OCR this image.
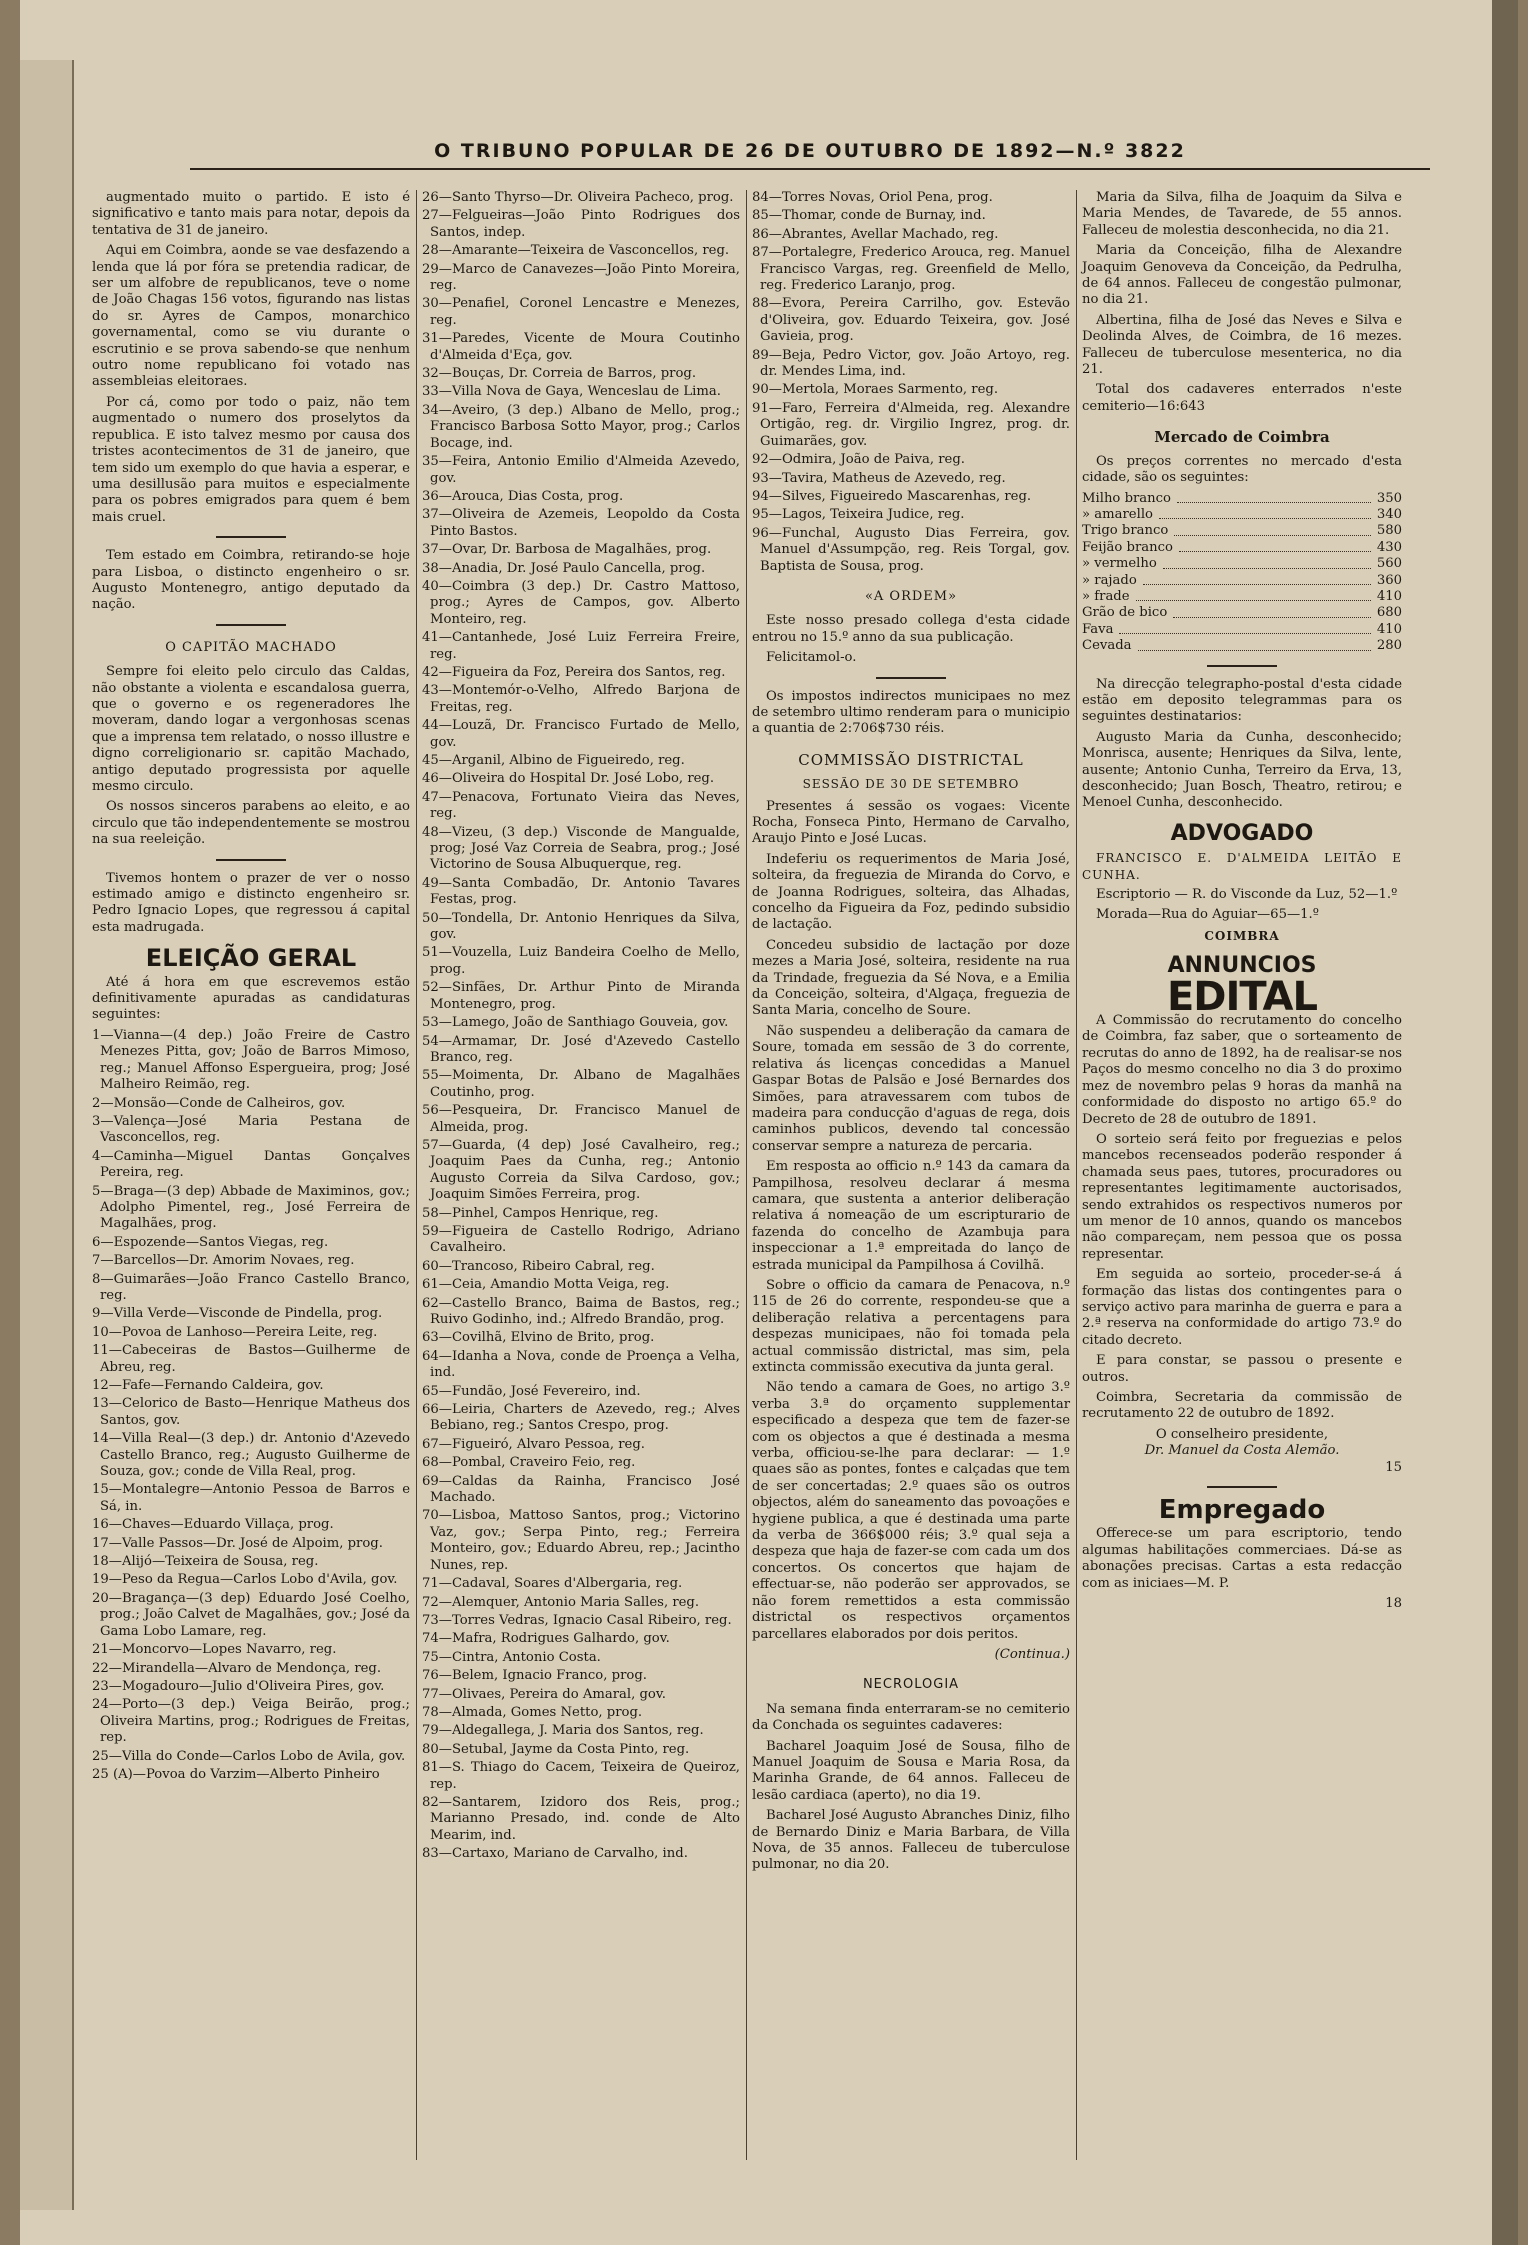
O TRIBUNO POPULAR DE 26 DE OUTUBRO DE 1892—N.º 3822

augmentado muito o partido. E isto é significativo e tanto mais para notar, depois da tentativa de 31 de janeiro.

Aqui em Coimbra, aonde se vae desfazendo a lenda que lá por fóra se pretendia radicar, de ser um alfobre de republicanos, teve o nome de João Chagas 156 votos, figurando nas listas do sr. Ayres de Campos, monarchico governamental, como se viu durante o escrutinio e se prova sabendo-se que nenhum outro nome republicano foi votado nas assembleias eleitoraes.

Por cá, como por todo o paiz, não tem augmentado o numero dos proselytos da republica. E isto talvez mesmo por causa dos tristes acontecimentos de 31 de janeiro, que tem sido um exemplo do que havia a esperar, e uma desillusão para muitos e especialmente para os pobres emigrados para quem é bem mais cruel.

Tem estado em Coimbra, retirando-se hoje para Lisboa, o distincto engenheiro o sr. Augusto Montenegro, antigo deputado da nação.

O CAPITÃO MACHADO

Sempre foi eleito pelo circulo das Caldas, não obstante a violenta e escandalosa guerra, que o governo e os regeneradores lhe moveram, dando logar a vergonhosas scenas que a imprensa tem relatado, o nosso illustre e digno correligionario sr. capitão Machado, antigo deputado progressista por aquelle mesmo circulo.

Os nossos sinceros parabens ao eleito, e ao circulo que tão independentemente se mostrou na sua reeleição.

Tivemos hontem o prazer de ver o nosso estimado amigo e distincto engenheiro sr. Pedro Ignacio Lopes, que regressou á capital esta madrugada.

ELEIÇÃO GERAL

Até á hora em que escrevemos estão definitivamente apuradas as candidaturas seguintes:

1—Vianna—(4 dep.) João Freire de Castro Menezes Pitta, gov; João de Barros Mimoso, reg.; Manuel Affonso Espergueira, prog; José Malheiro Reimão, reg.
2—Monsão—Conde de Calheiros, gov.
3—Valença—José Maria Pestana de Vasconcellos, reg.
4—Caminha—Miguel Dantas Gonçalves Pereira, reg.
5—Braga—(3 dep) Abbade de Maximinos, gov.; Adolpho Pimentel, reg., José Ferreira de Magalhães, prog.
6—Espozende—Santos Viegas, reg.
7—Barcellos—Dr. Amorim Novaes, reg.
8—Guimarães—João Franco Castello Branco, reg.
9—Villa Verde—Visconde de Pindella, prog.
10—Povoa de Lanhoso—Pereira Leite, reg.
11—Cabeceiras de Bastos—Guilherme de Abreu, reg.
12—Fafe—Fernando Caldeira, gov.
13—Celorico de Basto—Henrique Matheus dos Santos, gov.
14—Villa Real—(3 dep.) dr. Antonio d'Azevedo Castello Branco, reg.; Augusto Guilherme de Souza, gov.; conde de Villa Real, prog.
15—Montalegre—Antonio Pessoa de Barros e Sá, in.
16—Chaves—Eduardo Villaça, prog.
17—Valle Passos—Dr. José de Alpoim, prog.
18—Alijó—Teixeira de Sousa, reg.
19—Peso da Regua—Carlos Lobo d'Avila, gov.
20—Bragança—(3 dep) Eduardo José Coelho, prog.; João Calvet de Magalhães, gov.; José da Gama Lobo Lamare, reg.
21—Moncorvo—Lopes Navarro, reg.
22—Mirandella—Alvaro de Mendonça, reg.
23—Mogadouro—Julio d'Oliveira Pires, gov.
24—Porto—(3 dep.) Veiga Beirão, prog.; Oliveira Martins, prog.; Rodrigues de Freitas, rep.
25—Villa do Conde—Carlos Lobo de Avila, gov.
25 (A)—Povoa do Varzim—Alberto Pinheiro
26—Santo Thyrso—Dr. Oliveira Pacheco, prog.
27—Felgueiras—João Pinto Rodrigues dos Santos, indep.
28—Amarante—Teixeira de Vasconcellos, reg.
29—Marco de Canavezes—João Pinto Moreira, reg.
30—Penafiel, Coronel Lencastre e Menezes, reg.
31—Paredes, Vicente de Moura Coutinho d'Almeida d'Eça, gov.
32—Bouças, Dr. Correia de Barros, prog.
33—Villa Nova de Gaya, Wenceslau de Lima.
34—Aveiro, (3 dep.) Albano de Mello, prog.; Francisco Barbosa Sotto Mayor, prog.; Carlos Bocage, ind.
35—Feira, Antonio Emilio d'Almeida Azevedo, gov.
36—Arouca, Dias Costa, prog.
37—Oliveira de Azemeis, Leopoldo da Costa Pinto Bastos.
37—Ovar, Dr. Barbosa de Magalhães, prog.
38—Anadia, Dr. José Paulo Cancella, prog.
40—Coimbra (3 dep.) Dr. Castro Mattoso, prog.; Ayres de Campos, gov. Alberto Monteiro, reg.
41—Cantanhede, José Luiz Ferreira Freire, reg.
42—Figueira da Foz, Pereira dos Santos, reg.
43—Montemór-o-Velho, Alfredo Barjona de Freitas, reg.
44—Louzã, Dr. Francisco Furtado de Mello, gov.
45—Arganil, Albino de Figueiredo, reg.
46—Oliveira do Hospital Dr. José Lobo, reg.
47—Penacova, Fortunato Vieira das Neves, reg.
48—Vizeu, (3 dep.) Visconde de Mangualde, prog; José Vaz Correia de Seabra, prog.; José Victorino de Sousa Albuquerque, reg.
49—Santa Combadão, Dr. Antonio Tavares Festas, prog.
50—Tondella, Dr. Antonio Henriques da Silva, gov.
51—Vouzella, Luiz Bandeira Coelho de Mello, prog.
52—Sinfães, Dr. Arthur Pinto de Miranda Montenegro, prog.
53—Lamego, João de Santhiago Gouveia, gov.
54—Armamar, Dr. José d'Azevedo Castello Branco, reg.
55—Moimenta, Dr. Albano de Magalhães Coutinho, prog.
56—Pesqueira, Dr. Francisco Manuel de Almeida, prog.
57—Guarda, (4 dep) José Cavalheiro, reg.; Joaquim Paes da Cunha, reg.; Antonio Augusto Correia da Silva Cardoso, gov.; Joaquim Simões Ferreira, prog.
58—Pinhel, Campos Henrique, reg.
59—Figueira de Castello Rodrigo, Adriano Cavalheiro.
60—Trancoso, Ribeiro Cabral, reg.
61—Ceia, Amandio Motta Veiga, reg.
62—Castello Branco, Baima de Bastos, reg.; Ruivo Godinho, ind.; Alfredo Brandão, prog.
63—Covilhã, Elvino de Brito, prog.
64—Idanha a Nova, conde de Proença a Velha, ind.
65—Fundão, José Fevereiro, ind.
66—Leiria, Charters de Azevedo, reg.; Alves Bebiano, reg.; Santos Crespo, prog.
67—Figueiró, Alvaro Pessoa, reg.
68—Pombal, Craveiro Feio, reg.
69—Caldas da Rainha, Francisco José Machado.
70—Lisboa, Mattoso Santos, prog.; Victorino Vaz, gov.; Serpa Pinto, reg.; Ferreira Monteiro, gov.; Eduardo Abreu, rep.; Jacintho Nunes, rep.
71—Cadaval, Soares d'Albergaria, reg.
72—Alemquer, Antonio Maria Salles, reg.
73—Torres Vedras, Ignacio Casal Ribeiro, reg.
74—Mafra, Rodrigues Galhardo, gov.
75—Cintra, Antonio Costa.
76—Belem, Ignacio Franco, prog.
77—Olivaes, Pereira do Amaral, gov.
78—Almada, Gomes Netto, prog.
79—Aldegallega, J. Maria dos Santos, reg.
80—Setubal, Jayme da Costa Pinto, reg.
81—S. Thiago do Cacem, Teixeira de Queiroz, rep.
82—Santarem, Izidoro dos Reis, prog.; Marianno Presado, ind. conde de Alto Mearim, ind.
83—Cartaxo, Mariano de Carvalho, ind.
84—Torres Novas, Oriol Pena, prog.
85—Thomar, conde de Burnay, ind.
86—Abrantes, Avellar Machado, reg.
87—Portalegre, Frederico Arouca, reg. Manuel Francisco Vargas, reg. Greenfield de Mello, reg. Frederico Laranjo, prog.
88—Evora, Pereira Carrilho, gov. Estevão d'Oliveira, gov. Eduardo Teixeira, gov. José Gavieia, prog.
89—Beja, Pedro Victor, gov. João Artoyo, reg. dr. Mendes Lima, ind.
90—Mertola, Moraes Sarmento, reg.
91—Faro, Ferreira d'Almeida, reg. Alexandre Ortigão, reg. dr. Virgilio Ingrez, prog. dr. Guimarães, gov.
92—Odmira, João de Paiva, reg.
93—Tavira, Matheus de Azevedo, reg.
94—Silves, Figueiredo Mascarenhas, reg.
95—Lagos, Teixeira Judice, reg.
96—Funchal, Augusto Dias Ferreira, gov. Manuel d'Assumpção, reg. Reis Torgal, gov. Baptista de Sousa, prog.
«A ORDEM»

Este nosso presado collega d'esta cidade entrou no 15.º anno da sua publicação.

Felicitamol-o.

Os impostos indirectos municipaes no mez de setembro ultimo renderam para o municipio a quantia de 2:706$730 réis.

COMMISSÃO DISTRICTAL
SESSÃO DE 30 DE SETEMBRO

Presentes á sessão os vogaes: Vicente Rocha, Fonseca Pinto, Hermano de Carvalho, Araujo Pinto e José Lucas.

Indeferiu os requerimentos de Maria José, solteira, da freguezia de Miranda do Corvo, e de Joanna Rodrigues, solteira, das Alhadas, concelho da Figueira da Foz, pedindo subsidio de lactação.

Concedeu subsidio de lactação por doze mezes a Maria José, solteira, residente na rua da Trindade, freguezia da Sé Nova, e a Emilia da Conceição, solteira, d'Algaça, freguezia de Santa Maria, concelho de Soure.

Não suspendeu a deliberação da camara de Soure, tomada em sessão de 3 do corrente, relativa ás licenças concedidas a Manuel Gaspar Botas de Palsão e José Bernardes dos Simões, para atravessarem com tubos de madeira para conducção d'aguas de rega, dois caminhos publicos, devendo tal concessão conservar sempre a natureza de percaria.

Em resposta ao officio n.º 143 da camara da Pampilhosa, resolveu declarar á mesma camara, que sustenta a anterior deliberação relativa á nomeação de um escripturario de fazenda do concelho de Azambuja para inspeccionar a 1.ª empreitada do lanço de estrada municipal da Pampilhosa á Covilhã.

Sobre o officio da camara de Penacova, n.º 115 de 26 do corrente, respondeu-se que a deliberação relativa a percentagens para despezas municipaes, não foi tomada pela actual commissão districtal, mas sim, pela extincta commissão executiva da junta geral.

Não tendo a camara de Goes, no artigo 3.º verba 3.ª do orçamento supplementar especificado a despeza que tem de fazer-se com os objectos a que é destinada a mesma verba, officiou-se-lhe para declarar: — 1.º quaes são as pontes, fontes e calçadas que tem de ser concertadas; 2.º quaes são os outros objectos, além do saneamento das povoações e hygiene publica, a que é destinada uma parte da verba de 366$000 réis; 3.º qual seja a despeza que haja de fazer-se com cada um dos concertos. Os concertos que hajam de effectuar-se, não poderão ser approvados, se não forem remettidos a esta commissão districtal os respectivos orçamentos parcellares elaborados por dois peritos.

(Continua.)
NECROLOGIA

Na semana finda enterraram-se no cemiterio da Conchada os seguintes cadaveres:

Bacharel Joaquim José de Sousa, filho de Manuel Joaquim de Sousa e Maria Rosa, da Marinha Grande, de 64 annos. Falleceu de lesão cardiaca (aperto), no dia 19.

Bacharel José Augusto Abranches Diniz, filho de Bernardo Diniz e Maria Barbara, de Villa Nova, de 35 annos. Falleceu de tuberculose pulmonar, no dia 20.

Maria da Silva, filha de Joaquim da Silva e Maria Mendes, de Tavarede, de 55 annos. Falleceu de molestia desconhecida, no dia 21.

Maria da Conceição, filha de Alexandre Joaquim Genoveva da Conceição, da Pedrulha, de 64 annos. Falleceu de congestão pulmonar, no dia 21.

Albertina, filha de José das Neves e Silva e Deolinda Alves, de Coimbra, de 16 mezes. Falleceu de tuberculose mesenterica, no dia 21.

Total dos cadaveres enterrados n'este cemiterio—16:643

Mercado de Coimbra

Os preços correntes no mercado d'esta cidade, são os seguintes:

Milho branco	350
» amarello	340
Trigo branco	580
Feijão branco	430
» vermelho	560
» rajado	360
» frade	410
Grão de bico	680
Fava	410
Cevada	280

Na direcção telegrapho-postal d'esta cidade estão em deposito telegrammas para os seguintes destinatarios:

Augusto Maria da Cunha, desconhecido; Monrisca, ausente; Henriques da Silva, lente, ausente; Antonio Cunha, Terreiro da Erva, 13, desconhecido; Juan Bosch, Theatro, retirou; e Menoel Cunha, desconhecido.

ADVOGADO

FRANCISCO E. D'ALMEIDA LEITÃO E CUNHA.

Escriptorio — R. do Visconde da Luz, 52—1.º

Morada—Rua do Aguiar—65—1.º

COIMBRA
ANNUNCIOS
EDITAL

A Commissão do recrutamento do concelho de Coimbra, faz saber, que o sorteamento de recrutas do anno de 1892, ha de realisar-se nos Paços do mesmo concelho no dia 3 do proximo mez de novembro pelas 9 horas da manhã na conformidade do disposto no artigo 65.º do Decreto de 28 de outubro de 1891.

O sorteio será feito por freguezias e pelos mancebos recenseados poderão responder á chamada seus paes, tutores, procuradores ou representantes legitimamente auctorisados, sendo extrahidos os respectivos numeros por um menor de 10 annos, quando os mancebos não compareçam, nem pessoa que os possa representar.

Em seguida ao sorteio, proceder-se-á á formação das listas dos contingentes para o serviço activo para marinha de guerra e para a 2.ª reserva na conformidade do artigo 73.º do citado decreto.

E para constar, se passou o presente e outros.

Coimbra, Secretaria da commissão de recrutamento 22 de outubro de 1892.

O conselheiro presidente,
Dr. Manuel da Costa Alemão.
15
Empregado

Offerece-se um para escriptorio, tendo algumas habilitações commerciaes. Dá-se as abonações precisas. Cartas a esta redacção com as iniciaes—M. P.

18
